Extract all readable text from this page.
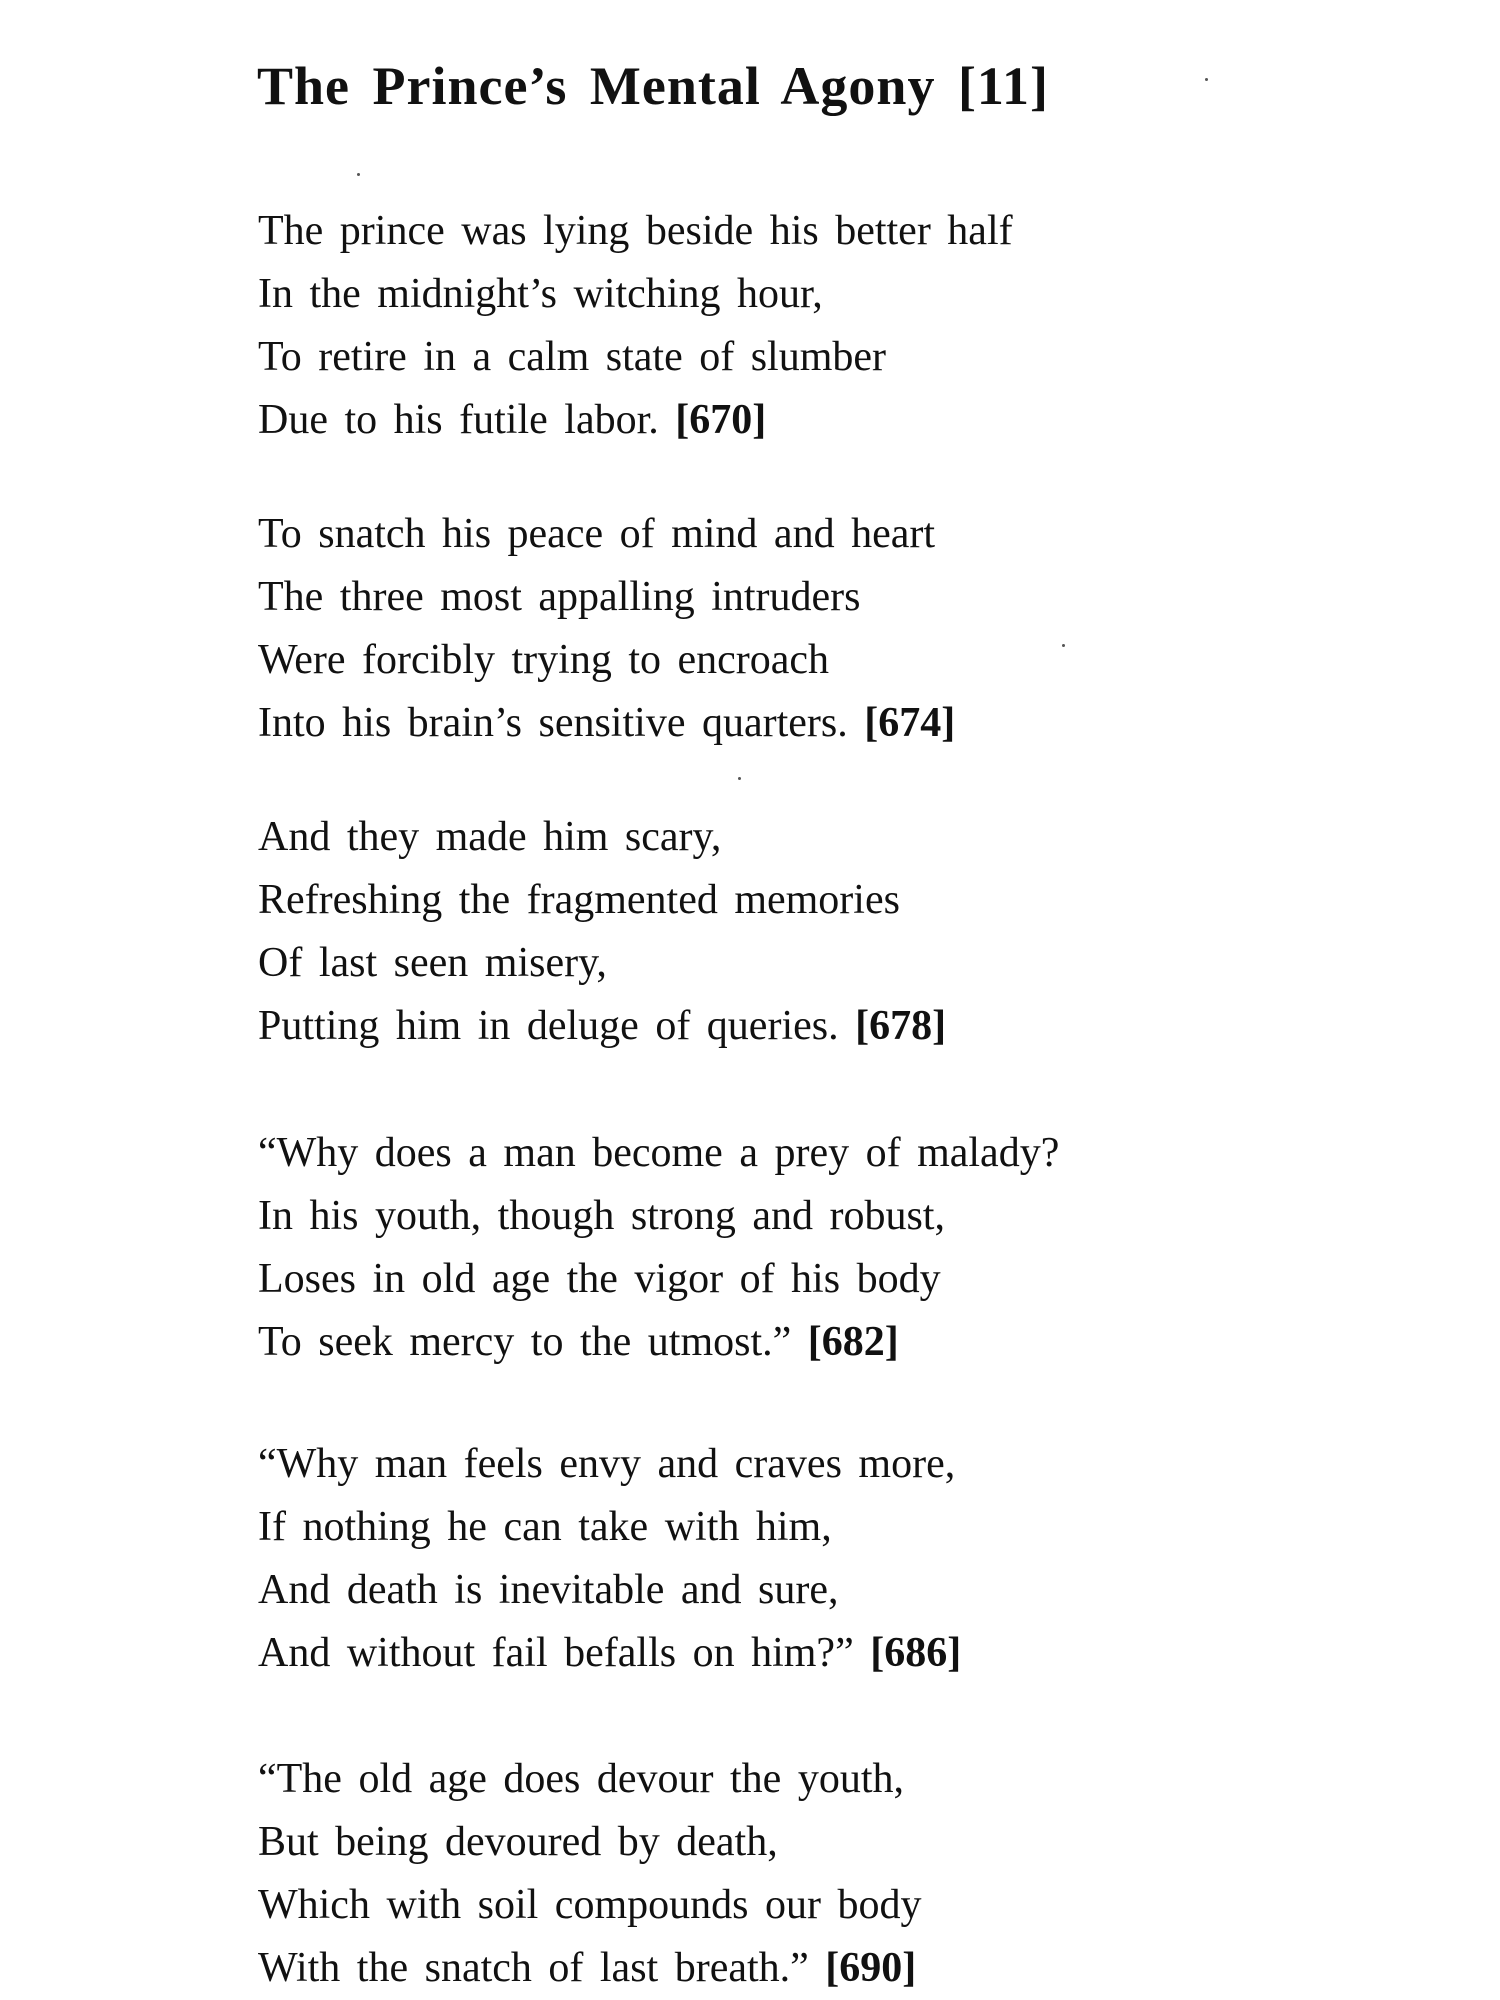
The Prince’s Mental Agony [11]
The prince was lying beside his better half
In the midnight’s witching hour,
To retire in a calm state of slumber
Due to his futile labor. [670]
To snatch his peace of mind and heart
The three most appalling intruders
Were forcibly trying to encroach
Into his brain’s sensitive quarters. [674]
And they made him scary,
Refreshing the fragmented memories
Of last seen misery,
Putting him in deluge of queries. [678]
“Why does a man become a prey of malady?
In his youth, though strong and robust,
Loses in old age the vigor of his body
To seek mercy to the utmost.” [682]
“Why man feels envy and craves more,
If nothing he can take with him,
And death is inevitable and sure,
And without fail befalls on him?” [686]
“The old age does devour the youth,
But being devoured by death,
Which with soil compounds our body
With the snatch of last breath.” [690]
